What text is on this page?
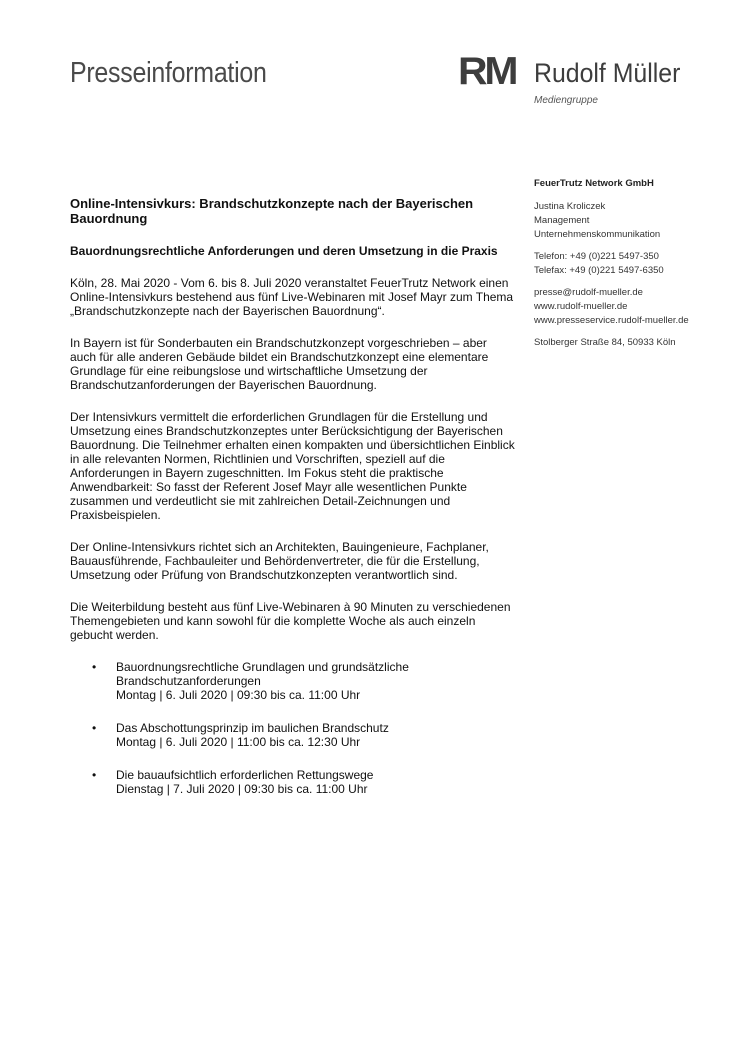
Presseinformation	RM Rudolf Müller
Mediengruppe
FeuerTrutz Network GmbH
Justina Kroliczek
Management
Unternehmenskommunikation
Telefon: +49 (0)221 5497-350
Telefax: +49 (0)221 5497-6350
presse@rudolf-mueller.de
www.rudolf-mueller.de
www.presseservice.rudolf-mueller.de
Stolberger Straße 84, 50933 Köln

Online-Intensivkurs: Brandschutzkonzepte nach der Bayerischen Bauordnung

Bauordnungsrechtliche Anforderungen und deren Umsetzung in die Praxis

Köln, 28. Mai 2020 - Vom 6. bis 8. Juli 2020 veranstaltet FeuerTrutz Network einen Online-Intensivkurs bestehend aus fünf Live-Webinaren mit Josef Mayr zum Thema „Brandschutzkonzepte nach der Bayerischen Bauordnung“.

In Bayern ist für Sonderbauten ein Brandschutzkonzept vorgeschrieben – aber auch für alle anderen Gebäude bildet ein Brandschutzkonzept eine elementare Grundlage für eine reibungslose und wirtschaftliche Umsetzung der Brandschutzanforderungen der Bayerischen Bauordnung.

Der Intensivkurs vermittelt die erforderlichen Grundlagen für die Erstellung und Umsetzung eines Brandschutzkonzeptes unter Berücksichtigung der Bayerischen Bauordnung. Die Teilnehmer erhalten einen kompakten und übersichtlichen Einblick in alle relevanten Normen, Richtlinien und Vorschriften, speziell auf die Anforderungen in Bayern zugeschnitten. Im Fokus steht die praktische Anwendbarkeit: So fasst der Referent Josef Mayr alle wesentlichen Punkte zusammen und verdeutlicht sie mit zahlreichen Detail-Zeichnungen und Praxisbeispielen.

Der Online-Intensivkurs richtet sich an Architekten, Bauingenieure, Fachplaner, Bauausführende, Fachbauleiter und Behördenvertreter, die für die Erstellung, Umsetzung oder Prüfung von Brandschutzkonzepten verantwortlich sind.

Die Weiterbildung besteht aus fünf Live-Webinaren à 90 Minuten zu verschiedenen Themengebieten und kann sowohl für die komplette Woche als auch einzeln gebucht werden.

• Bauordnungsrechtliche Grundlagen und grundsätzliche Brandschutzanforderungen
Montag | 6. Juli 2020 | 09:30 bis ca. 11:00 Uhr
• Das Abschottungsprinzip im baulichen Brandschutz
Montag | 6. Juli 2020 | 11:00 bis ca. 12:30 Uhr
• Die bauaufsichtlich erforderlichen Rettungswege
Dienstag | 7. Juli 2020 | 09:30 bis ca. 11:00 Uhr
